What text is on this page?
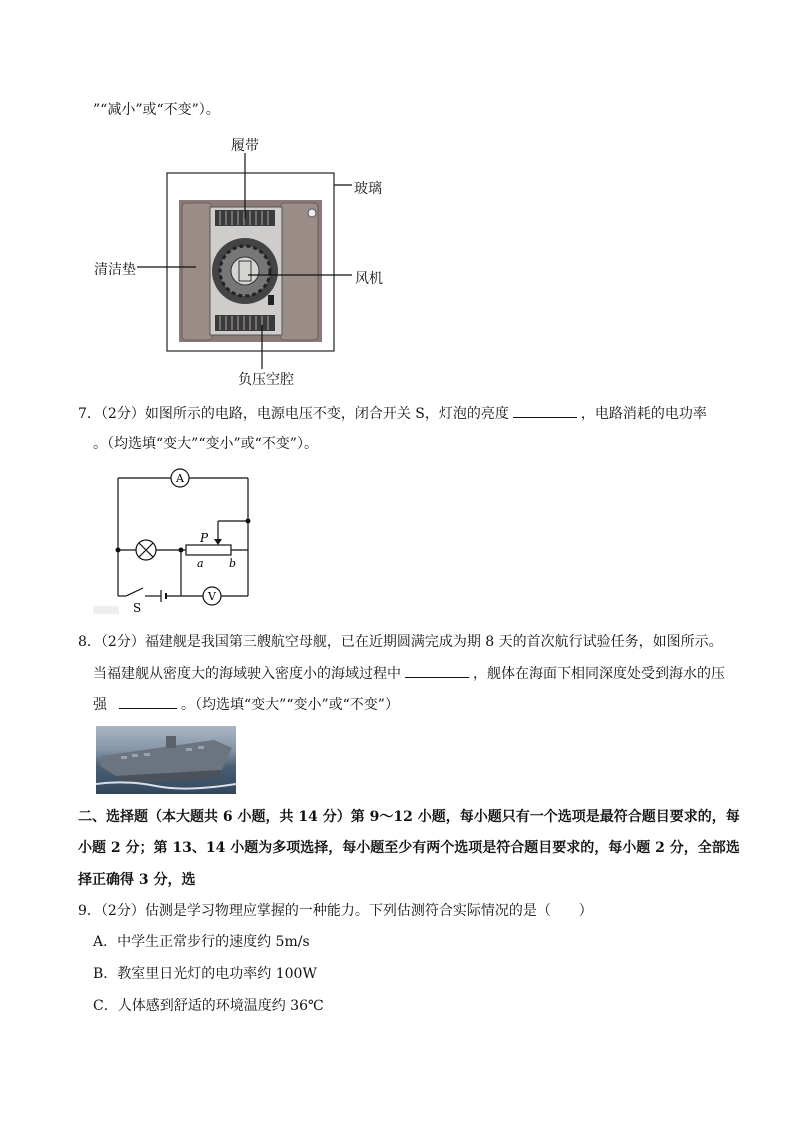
”“减小”或“不变”）。
履带
玻璃
清洁垫
风机
负压空腔
7．（2分）如图所示的电路，电源电压不变，闭合开关 S，灯泡的亮度	，电路消耗的电功率
。（均选填“变大”“变小”或“不变”）。
A
P
a b
V
S
8．（2分）福建舰是我国第三艘航空母舰，已在近期圆满完成为期 8 天的首次航行试验任务，如图所示。
当福建舰从密度大的海域驶入密度小的海域过程中	，舰体在海面下相同深度处受到海水的压
强	。（均选填“变大”“变小”或“不变”）
二、选择题（本大题共 6 小题，共 14 分）第 9～12 小题，每小题只有一个选项是最符合题目要求的，每
小题 2 分；第 13、14 小题为多项选择，每小题至少有两个选项是符合题目要求的，每小题 2 分，全部选
择正确得 3 分，选
9．（2分）估测是学习物理应掌握的一种能力。下列估测符合实际情况的是（　　）
A．中学生正常步行的速度约 5m/s
B．教室里日光灯的电功率约 100W
C．人体感到舒适的环境温度约 36℃
